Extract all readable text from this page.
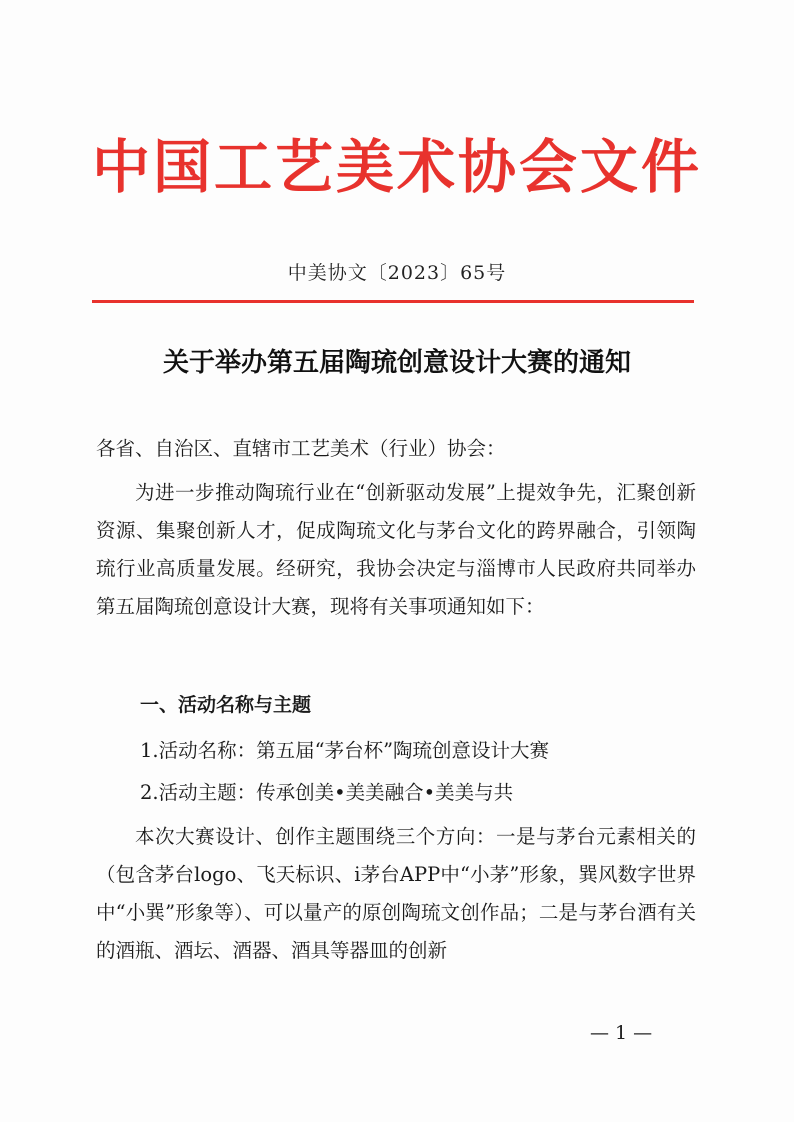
中国工艺美术协会文件
中美协文〔2023〕65号
关于举办第五届陶琉创意设计大赛的通知
各省、自治区、直辖市工艺美术（行业）协会：
为进一步推动陶琉行业在“创新驱动发展”上提效争先，汇聚创新资源、集聚创新人才，促成陶琉文化与茅台文化的跨界融合，引领陶琉行业高质量发展。经研究，我协会决定与淄博市人民政府共同举办第五届陶琉创意设计大赛，现将有关事项通知如下：
一、活动名称与主题
1.活动名称：第五届“茅台杯”陶琉创意设计大赛
2.活动主题：传承创美•美美融合•美美与共
本次大赛设计、创作主题围绕三个方向：一是与茅台元素相关的（包含茅台logo、飞天标识、i茅台APP中“小茅”形象，巽风数字世界中“小巽”形象等）、可以量产的原创陶琉文创作品；二是与茅台酒有关的酒瓶、酒坛、酒器、酒具等器皿的创新
— 1 —
